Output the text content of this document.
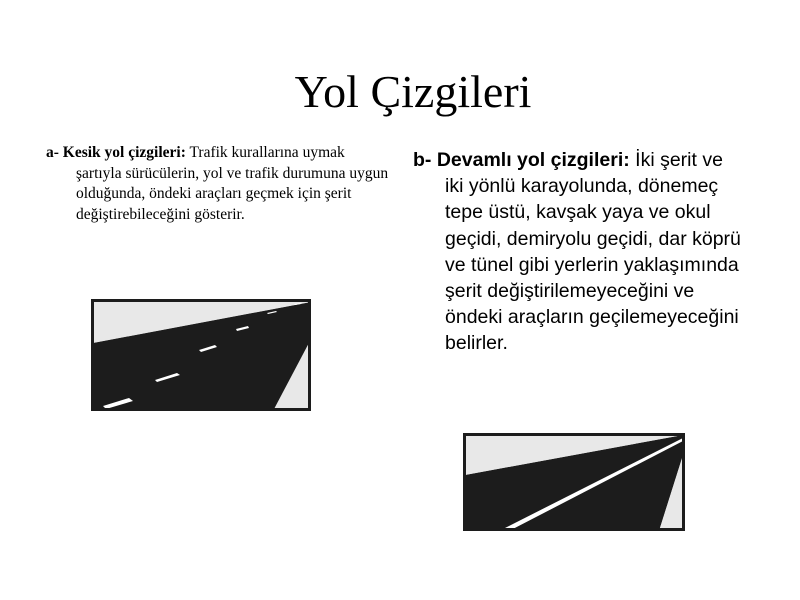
Yol Çizgileri

a- Kesik yol çizgileri: Trafik kurallarına uymak şartıyla sürücülerin, yol ve trafik durumuna uygun olduğunda, öndeki araçları geçmek için şerit değiştirebileceğini gösterir.

b- Devamlı yol çizgileri: İki şerit ve iki yönlü karayolunda, dönemeç tepe üstü, kavşak yaya ve okul geçidi, demiryolu geçidi, dar köprü ve tünel gibi yerlerin yaklaşımında şerit değiştirilemeyeceğini ve öndeki araçların geçilemeyeceğini belirler.
